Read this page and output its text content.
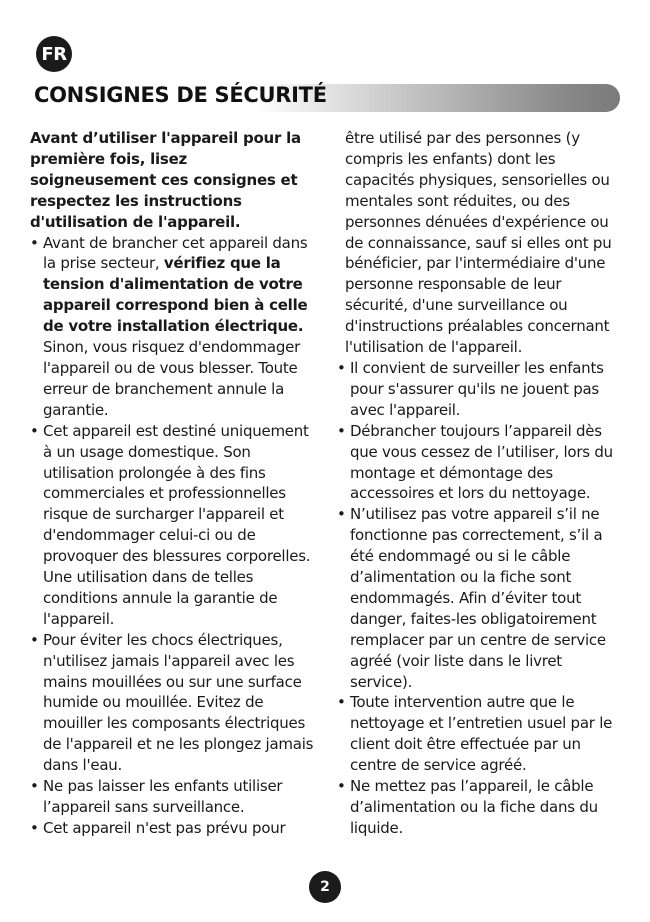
FR
CONSIGNES DE SÉCURITÉ

Avant d’utiliser l'appareil pour la première fois, lisez soigneusement ces consignes et respectez les instructions d'utilisation de l'appareil.

• Avant de brancher cet appareil dans la prise secteur, vérifiez que la tension d'alimentation de votre appareil correspond bien à celle de votre installation électrique. Sinon, vous risquez d'endommager l'appareil ou de vous blesser. Toute erreur de branchement annule la garantie.
• Cet appareil est destiné uniquement à un usage domestique. Son utilisation prolongée à des fins commerciales et professionnelles risque de surcharger l'appareil et d'endommager celui-ci ou de provoquer des blessures corporelles. Une utilisation dans de telles conditions annule la garantie de l'appareil.
• Pour éviter les chocs électriques, n'utilisez jamais l'appareil avec les mains mouillées ou sur une surface humide ou mouillée. Evitez de mouiller les composants électriques de l'appareil et ne les plongez jamais dans l'eau.
• Ne pas laisser les enfants utiliser l’appareil sans surveillance.
• Cet appareil n'est pas prévu pour

être utilisé par des personnes (y compris les enfants) dont les capacités physiques, sensorielles ou mentales sont réduites, ou des personnes dénuées d'expérience ou de connaissance, sauf si elles ont pu bénéficier, par l'intermédiaire d'une personne responsable de leur sécurité, d'une surveillance ou d'instructions préalables concernant l'utilisation de l'appareil.

• Il convient de surveiller les enfants pour s'assurer qu'ils ne jouent pas avec l'appareil.
• Débrancher toujours l’appareil dès que vous cessez de l’utiliser, lors du montage et démontage des accessoires et lors du nettoyage.
• N’utilisez pas votre appareil s’il ne fonctionne pas correctement, s’il a été endommagé ou si le câble d’alimentation ou la fiche sont endommagés. Afin d’éviter tout danger, faites-les obligatoirement remplacer par un centre de service agréé (voir liste dans le livret service).
• Toute intervention autre que le nettoyage et l’entretien usuel par le client doit être effectuée par un centre de service agréé.
• Ne mettez pas l’appareil, le câble d’alimentation ou la fiche dans du liquide.
2
